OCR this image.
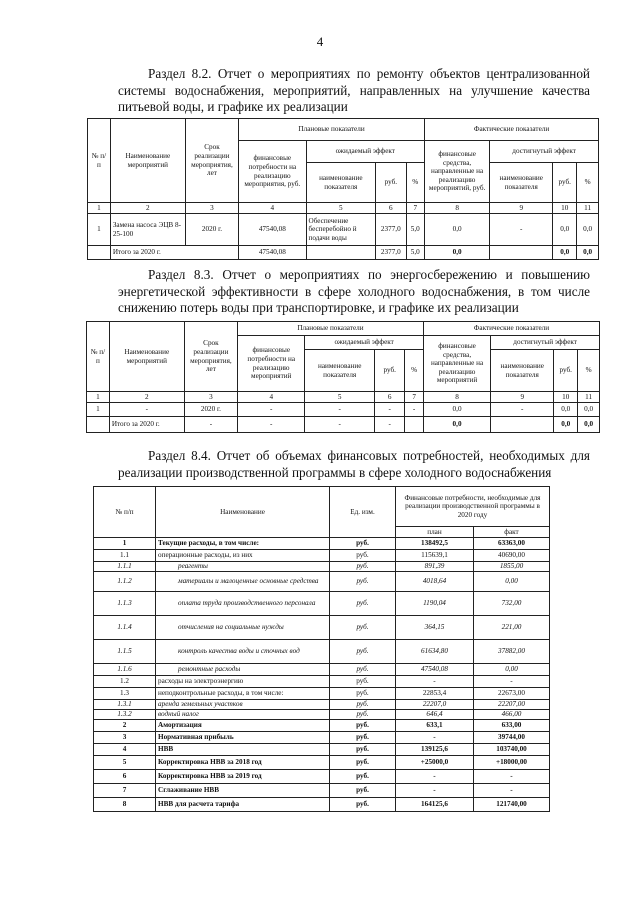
4
Раздел 8.2. Отчет о мероприятиях по ремонту объектов централизованной системы водоснабжения, мероприятий, направленных на улучшение качества питьевой воды, и графике их реализации
№ п/п	Наименование мероприятий	Срок реализации мероприятия, лет	Плановые показатели				Фактические показатели			
			финансовые потребности на реализацию мероприятия, руб.	ожидаемый эффект			финансовые средства, направленные на реализацию мероприятий, руб.	достигнутый эффект		
				наименование показателя	руб.	%		наименование показателя	руб.	%
1	2	3	4	5	6	7	8	9	10	11
1	Замена насоса ЭЦВ 8-25-100	2020 г.	47540,08	Обеспечение бесперебойно й подачи воды	2377,0	5,0	0,0	-	0,0	0,0
	Итого за 2020 г.		47540,08		2377,0	5,0	0,0		0,0	0,0
Раздел 8.3. Отчет о мероприятиях по энергосбережению и повышению энергетической эффективности в сфере холодного водоснабжения, в том числе снижению потерь воды при транспортировке, и графике их реализации
№ п/п	Наименование мероприятий	Срок реализации мероприятия, лет	Плановые показатели				Фактические показатели			
			финансовые потребности на реализацию мероприятий	ожидаемый эффект			финансовые средства, направленные на реализацию мероприятий	достигнутый эффект		
				наименование показателя	руб.	%		наименование показателя	руб.	%
1	2	3	4	5	6	7	8	9	10	11
1	-	2020 г.	-	-	-	-	0,0	-	0,0	0,0
	Итого за 2020 г.	-	-	-	-		0,0		0,0	0,0
Раздел 8.4. Отчет об объемах финансовых потребностей, необходимых для реализации производственной программы в сфере холодного водоснабжения
№ п/п	Наименование	Ед. изм.	Финансовые потребности, необходимые для реализации производственной программы в 2020 году	
			план	факт
1	Текущие расходы, в том числе:	руб.	138492,5	63363,00
1.1	операционные расходы, из них	руб.	115639,1	40690,00
1.1.1	реагенты	руб.	891,39	1855,00
1.1.2	материалы и малоценные основные средства	руб.	4018,64	0,00
1.1.3	оплата труда производственного персонала	руб.	1190,04	732,00
1.1.4	отчисления на социальные нужды	руб.	364,15	221,00
1.1.5	контроль качества воды и сточных вод	руб.	61634,80	37882,00
1.1.6	ремонтные расходы	руб.	47540,08	0,00
1.2	расходы на электроэнергию	руб.	-	-
1.3	неподконтрольные расходы, в том числе:	руб.	22853,4	22673,00
1.3.1	аренда земельных участков	руб.	22207,0	22207,00
1.3.2	водный налог	руб.	646,4	466,00
2	Амортизация	руб.	633,1	633,00
3	Нормативная прибыль	руб.	-	39744,00
4	НВВ	руб.	139125,6	103740,00
5	Корректировка НВВ за 2018 год	руб.	+25000,0	+18000,00
6	Корректировка НВВ за 2019 год	руб.	-	-
7	Сглаживание НВВ	руб.	-	-
8	НВВ для расчета тарифа	руб.	164125,6	121740,00
